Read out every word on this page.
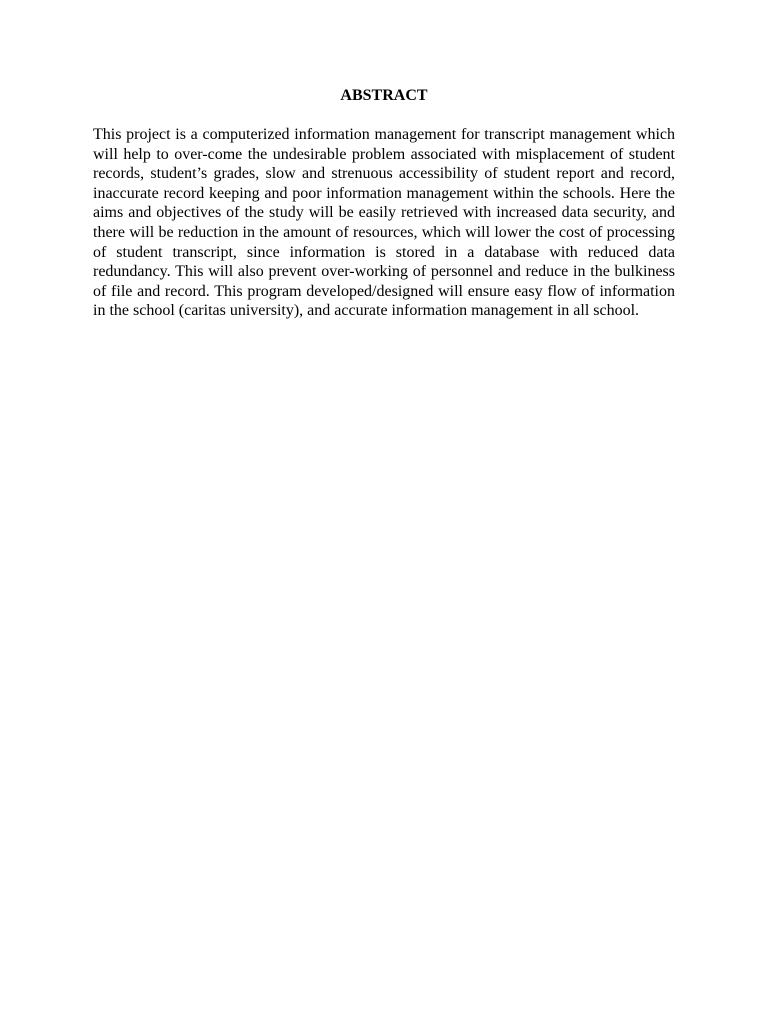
ABSTRACT

This project is a computerized information management for transcript management which will help to over-come the undesirable problem associated with misplacement of student records, student’s grades, slow and strenuous accessibility of student report and record, inaccurate record keeping and poor information management within the schools. Here the aims and objectives of the study will be easily retrieved with increased data security, and there will be reduction in the amount of resources, which will lower the cost of processing of student transcript, since information is stored in a database with reduced data redundancy. This will also prevent over-working of personnel and reduce in the bulkiness of file and record. This program developed/designed will ensure easy flow of information in the school (caritas university), and accurate information management in all school.
